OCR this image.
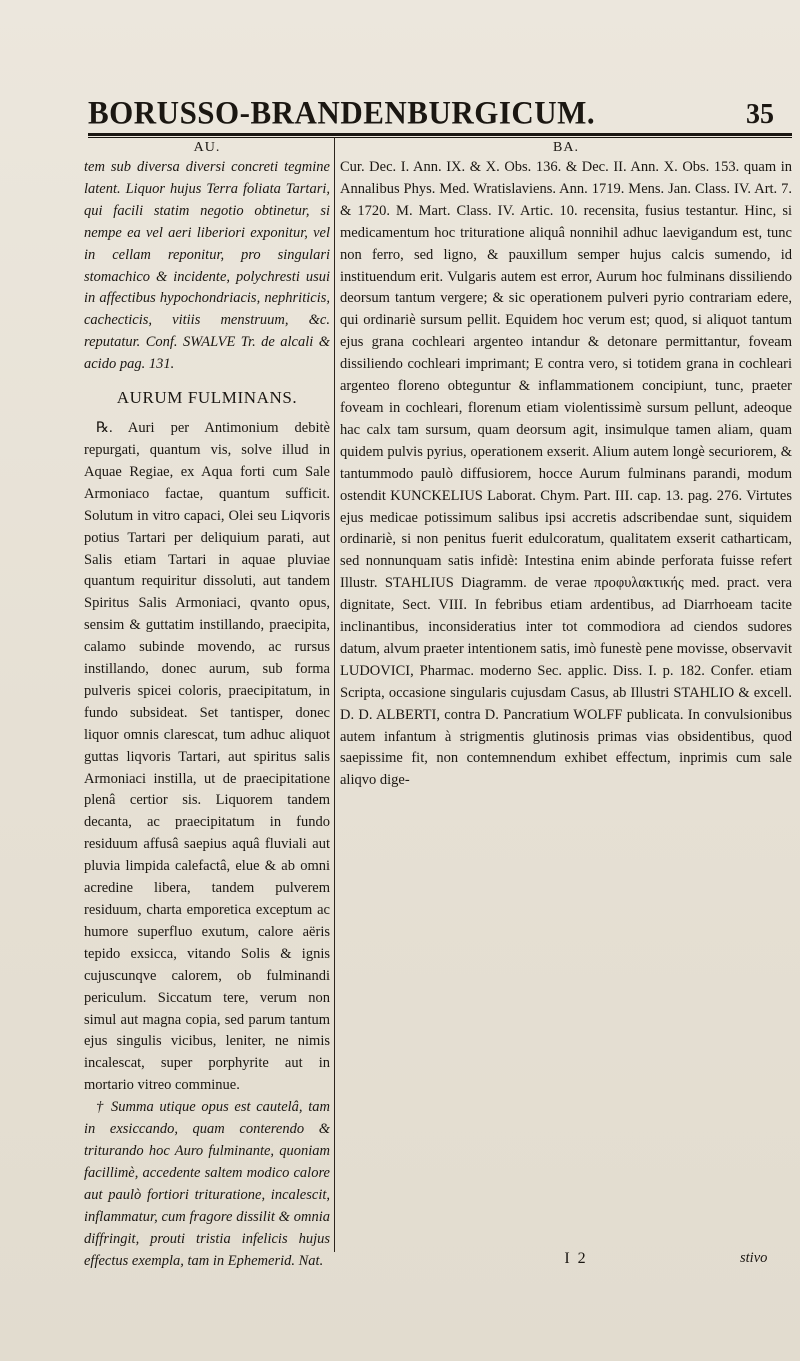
BORUSSO-BRANDENBURGICUM.	35
AU.

tem sub diversa diversi concreti tegmine latent. Liquor hujus Terra foliata Tartari, qui facili statim negotio obtinetur, si nempe ea vel aeri liberiori exponitur, vel in cellam reponitur, pro singulari stomachico & incidente, polychresti usui in affectibus hypochondriacis, nephriticis, cachecticis, vitiis menstruum, &c. reputatur. Conf. SWALVE Tr. de alcali & acido pag. 131.

AURUM FULMINANS.

℞. Auri per Antimonium debitè repurgati, quantum vis, solve illud in Aquae Regiae, ex Aqua forti cum Sale Armoniaco factae, quantum sufficit. Solutum in vitro capaci, Olei seu Liqvoris potius Tartari per deliquium parati, aut Salis etiam Tartari in aquae pluviae quantum requiritur dissoluti, aut tandem Spiritus Salis Armoniaci, qvanto opus, sensim & guttatim instillando, praecipita, calamo subinde movendo, ac rursus instillando, donec aurum, sub forma pulveris spicei coloris, praecipitatum, in fundo subsideat. Set tantisper, donec liquor omnis clarescat, tum adhuc aliquot guttas liqvoris Tartari, aut spiritus salis Armoniaci instilla, ut de praecipitatione plenâ certior sis. Liquorem tandem decanta, ac praecipitatum in fundo residuum affusâ saepius aquâ fluviali aut pluvia limpida calefactâ, elue & ab omni acredine libera, tandem pulverem residuum, charta emporetica exceptum ac humore superfluo exutum, calore aëris tepido exsicca, vitando Solis & ignis cujuscunqve calorem, ob fulminandi periculum. Siccatum tere, verum non simul aut magna copia, sed parum tantum ejus singulis vicibus, leniter, ne nimis incalescat, super porphyrite aut in mortario vitreo comminue.

† Summa utique opus est cautelâ, tam in exsiccando, quam conterendo & triturando hoc Auro fulminante, quoniam facillimè, accedente saltem modico calore aut paulò fortiori trituratione, incalescit, inflammatur, cum fragore dissilit & omnia diffringit, prouti tristia infelicis hujus effectus exempla, tam in Ephemerid. Nat.

BA.

Cur. Dec. I. Ann. IX. & X. Obs. 136. & Dec. II. Ann. X. Obs. 153. quam in Annalibus Phys. Med. Wratislaviens. Ann. 1719. Mens. Jan. Class. IV. Art. 7. & 1720. M. Mart. Class. IV. Artic. 10. recensita, fusius testantur. Hinc, si medicamentum hoc trituratione aliquâ nonnihil adhuc laevigandum est, tunc non ferro, sed ligno, & pauxillum semper hujus calcis sumendo, id instituendum erit. Vulgaris autem est error, Aurum hoc fulminans dissiliendo deorsum tantum vergere; & sic operationem pulveri pyrio contrariam edere, qui ordinariè sursum pellit. Equidem hoc verum est; quod, si aliquot tantum ejus grana cochleari argenteo intandur & detonare permittantur, foveam dissiliendo cochleari imprimant; E contra vero, si totidem grana in cochleari argenteo floreno obteguntur & inflammationem concipiunt, tunc, praeter foveam in cochleari, florenum etiam violentissimè sursum pellunt, adeoque hac calx tam sursum, quam deorsum agit, insimulque tamen aliam, quam quidem pulvis pyrius, operationem exserit. Alium autem longè securiorem, & tantummodo paulò diffusiorem, hocce Aurum fulminans parandi, modum ostendit KUNCKELIUS Laborat. Chym. Part. III. cap. 13. pag. 276. Virtutes ejus medicae potissimum salibus ipsi accretis adscribendae sunt, siquidem ordinariè, si non penitus fuerit edulcoratum, qualitatem exserit catharticam, sed nonnunquam satis infidè: Intestina enim abinde perforata fuisse refert Illustr. STAHLIUS Diagramm. de verae προφυλακτικής med. pract. vera dignitate, Sect. VIII. In febribus etiam ardentibus, ad Diarrhoeam tacite inclinantibus, inconsideratius inter tot commodiora ad ciendos sudores datum, alvum praeter intentionem satis, imò funestè pene movisse, observavit LUDOVICI, Pharmac. moderno Sec. applic. Diss. I. p. 182. Confer. etiam Scripta, occasione singularis cujusdam Casus, ab Illustri STAHLIO & excell. D. D. ALBERTI, contra D. Pancratium WOLFF publicata. In convulsionibus autem infantum à strigmentis glutinosis primas vias obsidentibus, quod saepissime fit, non contemnendum exhibet effectum, inprimis cum sale aliqvo dige-

I 2	stivo
